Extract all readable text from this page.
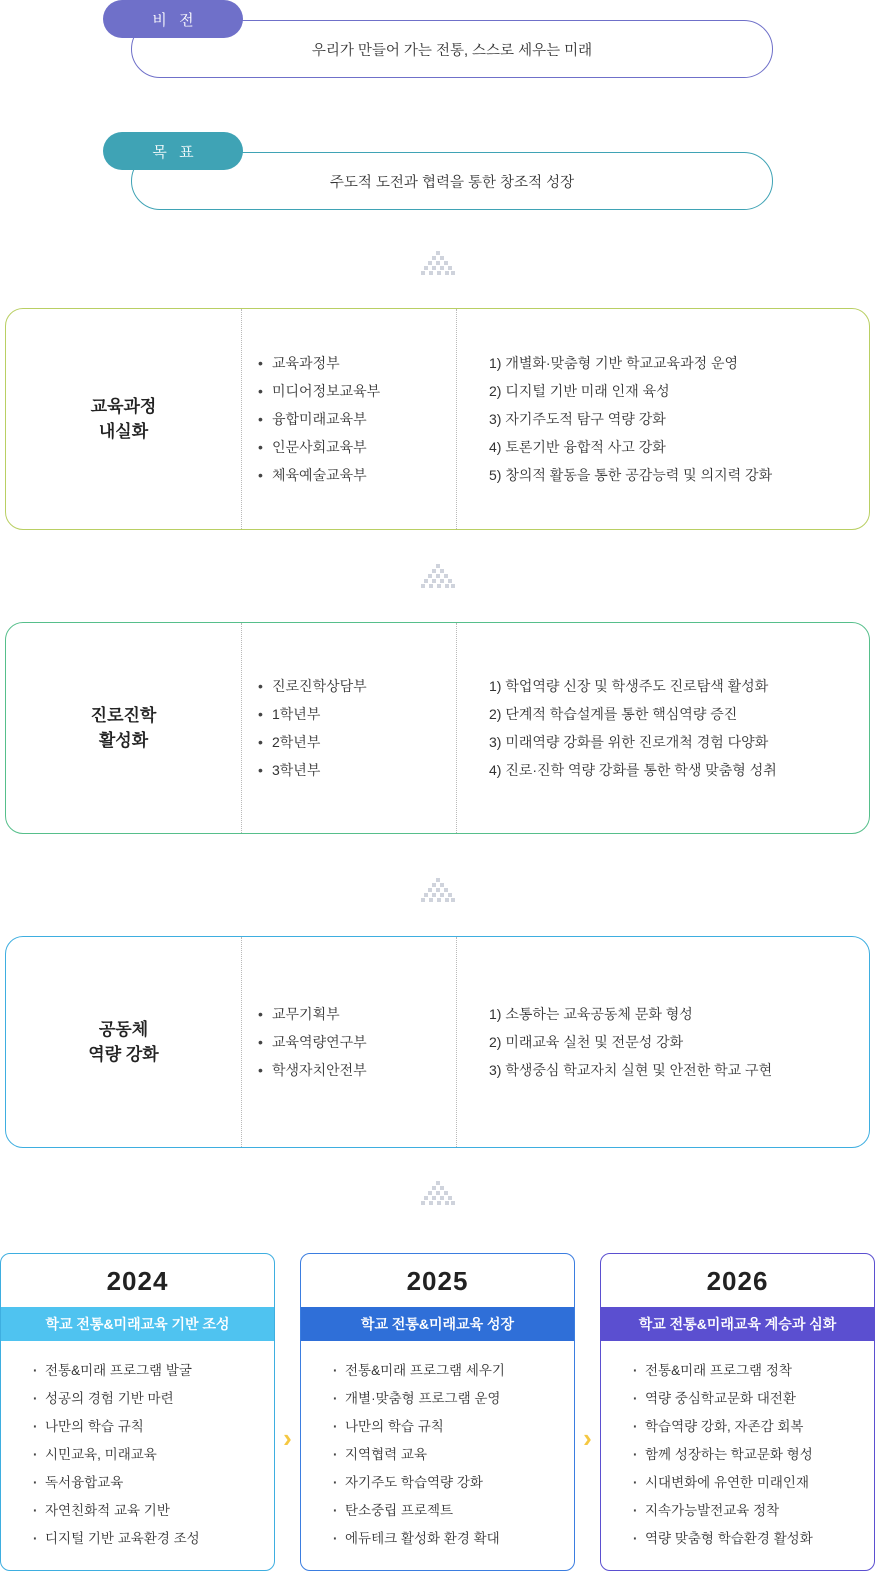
우리가 만들어 가는 전통, 스스로 세우는 미래
비 전
주도적 도전과 협력을 통한 창조적 성장
목 표
교육과정
내실화
• 교육과정부
• 미디어정보교육부
• 융합미래교육부
• 인문사회교육부
• 체육예술교육부
1) 개별화·맞춤형 기반 학교교육과정 운영
2) 디지털 기반 미래 인재 육성
3) 자기주도적 탐구 역량 강화
4) 토론기반 융합적 사고 강화
5) 창의적 활동을 통한 공감능력 및 의지력 강화
진로진학
활성화
• 진로진학상담부
• 1학년부
• 2학년부
• 3학년부
1) 학업역량 신장 및 학생주도 진로탐색 활성화
2) 단계적 학습설계를 통한 핵심역량 증진
3) 미래역량 강화를 위한 진로개척 경험 다양화
4) 진로·진학 역량 강화를 통한 학생 맞춤형 성취
공동체
역량 강화
• 교무기획부
• 교육역량연구부
• 학생자치안전부
1) 소통하는 교육공동체 문화 형성
2) 미래교육 실천 및 전문성 강화
3) 학생중심 학교자치 실현 및 안전한 학교 구현
2024
학교 전통&미래교육 기반 조성
· 전통&미래 프로그램 발굴
· 성공의 경험 기반 마련
· 나만의 학습 규칙
· 시민교육, 미래교육
· 독서융합교육
· 자연친화적 교육 기반
· 디지털 기반 교육환경 조성
›
2025
학교 전통&미래교육 성장
· 전통&미래 프로그램 세우기
· 개별·맞춤형 프로그램 운영
· 나만의 학습 규칙
· 지역협력 교육
· 자기주도 학습역량 강화
· 탄소중립 프로젝트
· 에듀테크 활성화 환경 확대
›
2026
학교 전통&미래교육 계승과 심화
· 전통&미래 프로그램 정착
· 역량 중심학교문화 대전환
· 학습역량 강화, 자존감 회복
· 함께 성장하는 학교문화 형성
· 시대변화에 유연한 미래인재
· 지속가능발전교육 정착
· 역량 맞춤형 학습환경 활성화
